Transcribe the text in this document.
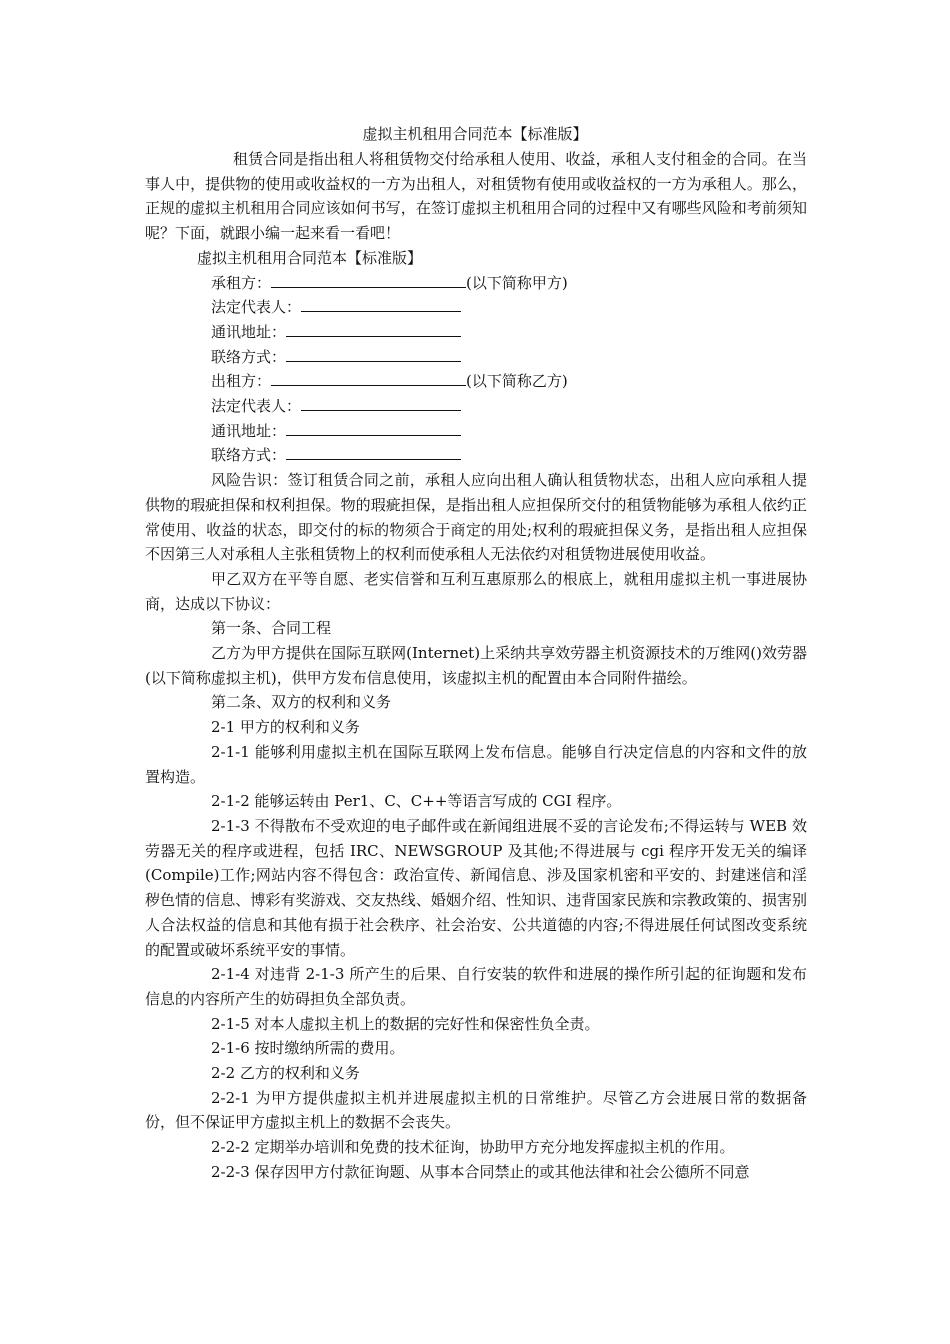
虚拟主机租用合同范本【标准版】

租赁合同是指出租人将租赁物交付给承租人使用、收益，承租人支付租金的合同。在当事人中，提供物的使用或收益权的一方为出租人，对租赁物有使用或收益权的一方为承租人。那么，正规的虚拟主机租用合同应该如何书写，在签订虚拟主机租用合同的过程中又有哪些风险和考前须知呢？下面，就跟小编一起来看一看吧！

虚拟主机租用合同范本【标准版】

承租方：	(以下简称甲方)

法定代表人：

通讯地址：

联络方式：

出租方：	(以下简称乙方)

法定代表人：

通讯地址：

联络方式：

风险告识：签订租赁合同之前，承租人应向出租人确认租赁物状态，出租人应向承租人提供物的瑕疵担保和权利担保。物的瑕疵担保，是指出租人应担保所交付的租赁物能够为承租人依约正常使用、收益的状态，即交付的标的物须合于商定的用处;权利的瑕疵担保义务，是指出租人应担保不因第三人对承租人主张租赁物上的权利而使承租人无法依约对租赁物进展使用收益。

甲乙双方在平等自愿、老实信誉和互利互惠原那么的根底上，就租用虚拟主机一事进展协商，达成以下协议：

第一条、合同工程

乙方为甲方提供在国际互联网(Internet)上采纳共享效劳器主机资源技术的万维网()效劳器(以下简称虚拟主机)，供甲方发布信息使用，该虚拟主机的配置由本合同附件描绘。

第二条、双方的权利和义务

2-1 甲方的权利和义务

2-1-1 能够利用虚拟主机在国际互联网上发布信息。能够自行决定信息的内容和文件的放置构造。

2-1-2 能够运转由 Per1、C、C++等语言写成的 CGI 程序。

2-1-3 不得散布不受欢迎的电子邮件或在新闻组进展不妥的言论发布;不得运转与 WEB 效劳器无关的程序或进程，包括 IRC、NEWSGROUP 及其他;不得进展与 cgi 程序开发无关的编译(Compile)工作;网站内容不得包含：政治宣传、新闻信息、涉及国家机密和平安的、封建迷信和淫秽色情的信息、博彩有奖游戏、交友热线、婚姻介绍、性知识、违背国家民族和宗教政策的、损害别人合法权益的信息和其他有损于社会秩序、社会治安、公共道德的内容;不得进展任何试图改变系统的配置或破坏系统平安的事情。

2-1-4 对违背 2-1-3 所产生的后果、自行安装的软件和进展的操作所引起的征询题和发布信息的内容所产生的妨碍担负全部负责。

2-1-5 对本人虚拟主机上的数据的完好性和保密性负全责。

2-1-6 按时缴纳所需的费用。

2-2 乙方的权利和义务

2-2-1 为甲方提供虚拟主机并进展虚拟主机的日常维护。尽管乙方会进展日常的数据备份，但不保证甲方虚拟主机上的数据不会丧失。

2-2-2 定期举办培训和免费的技术征询，协助甲方充分地发挥虚拟主机的作用。

2-2-3 保存因甲方付款征询题、从事本合同禁止的或其他法律和社会公德所不同意
